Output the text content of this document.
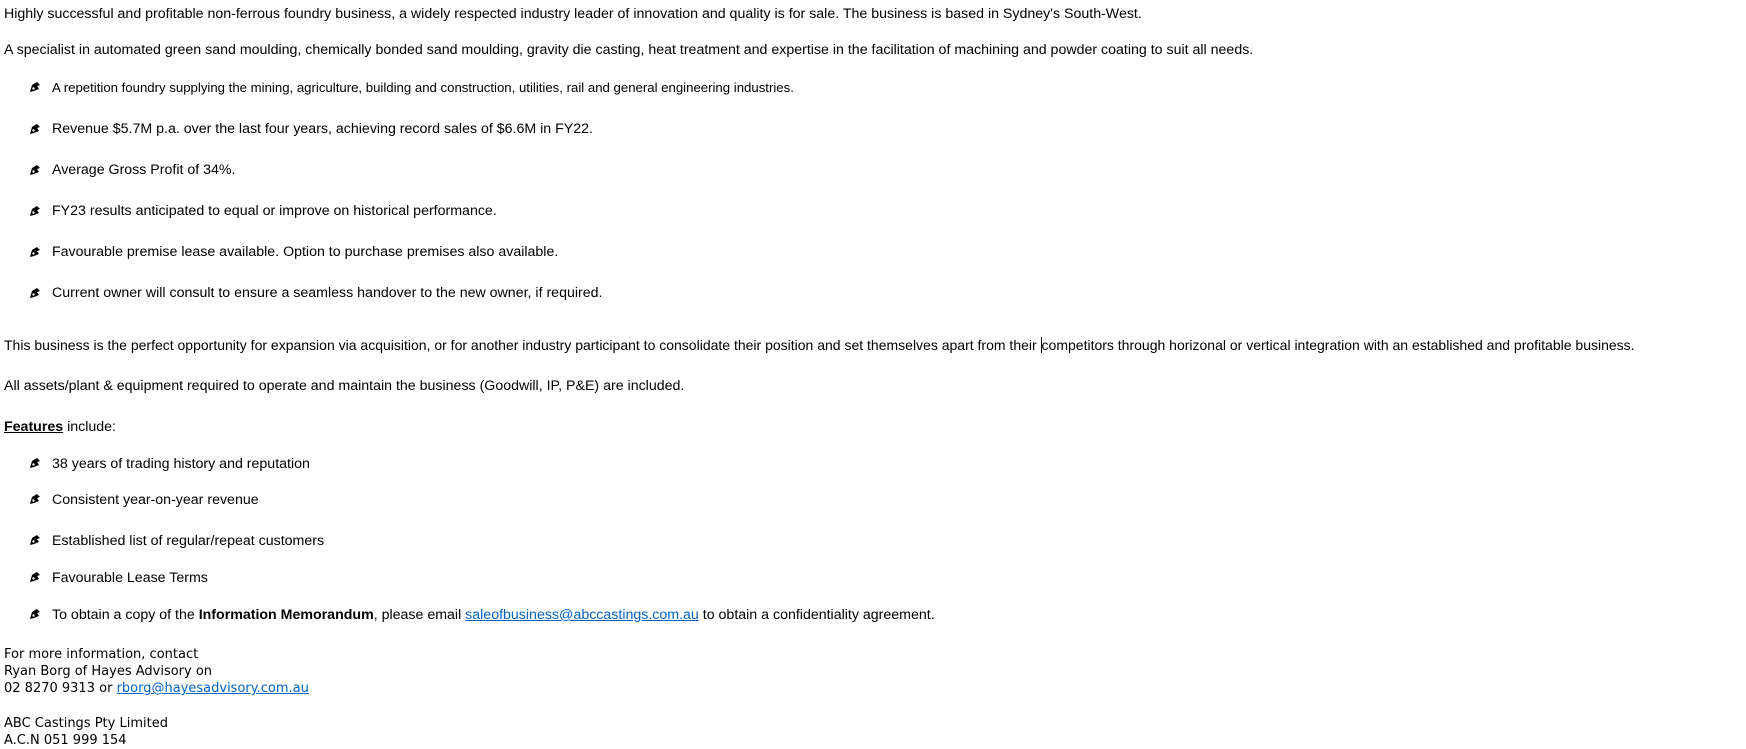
Highly successful and profitable non-ferrous foundry business, a widely respected industry leader of innovation and quality is for sale. The business is based in Sydney's South-West.
A specialist in automated green sand moulding, chemically bonded sand moulding, gravity die casting, heat treatment and expertise in the facilitation of machining and powder coating to suit all needs.
A repetition foundry supplying the mining, agriculture, building and construction, utilities, rail and general engineering industries.
Revenue $5.7M p.a. over the last four years, achieving record sales of $6.6M in FY22.
Average Gross Profit of 34%.
FY23 results anticipated to equal or improve on historical performance.
Favourable premise lease available. Option to purchase premises also available.
Current owner will consult to ensure a seamless handover to the new owner, if required.
This business is the perfect opportunity for expansion via acquisition, or for another industry participant to consolidate their position and set themselves apart from their competitors through horizonal or vertical integration with an established and profitable business.
All assets/plant & equipment required to operate and maintain the business (Goodwill, IP, P&E) are included.
Features include:
38 years of trading history and reputation
Consistent year-on-year revenue
Established list of regular/repeat customers
Favourable Lease Terms
To obtain a copy of the Information Memorandum, please email saleofbusiness@abccastings.com.au to obtain a confidentiality agreement.
For more information, contact
Ryan Borg of Hayes Advisory on
02 8270 9313 or rborg@hayesadvisory.com.au
ABC Castings Pty Limited
A.C.N 051 999 154
